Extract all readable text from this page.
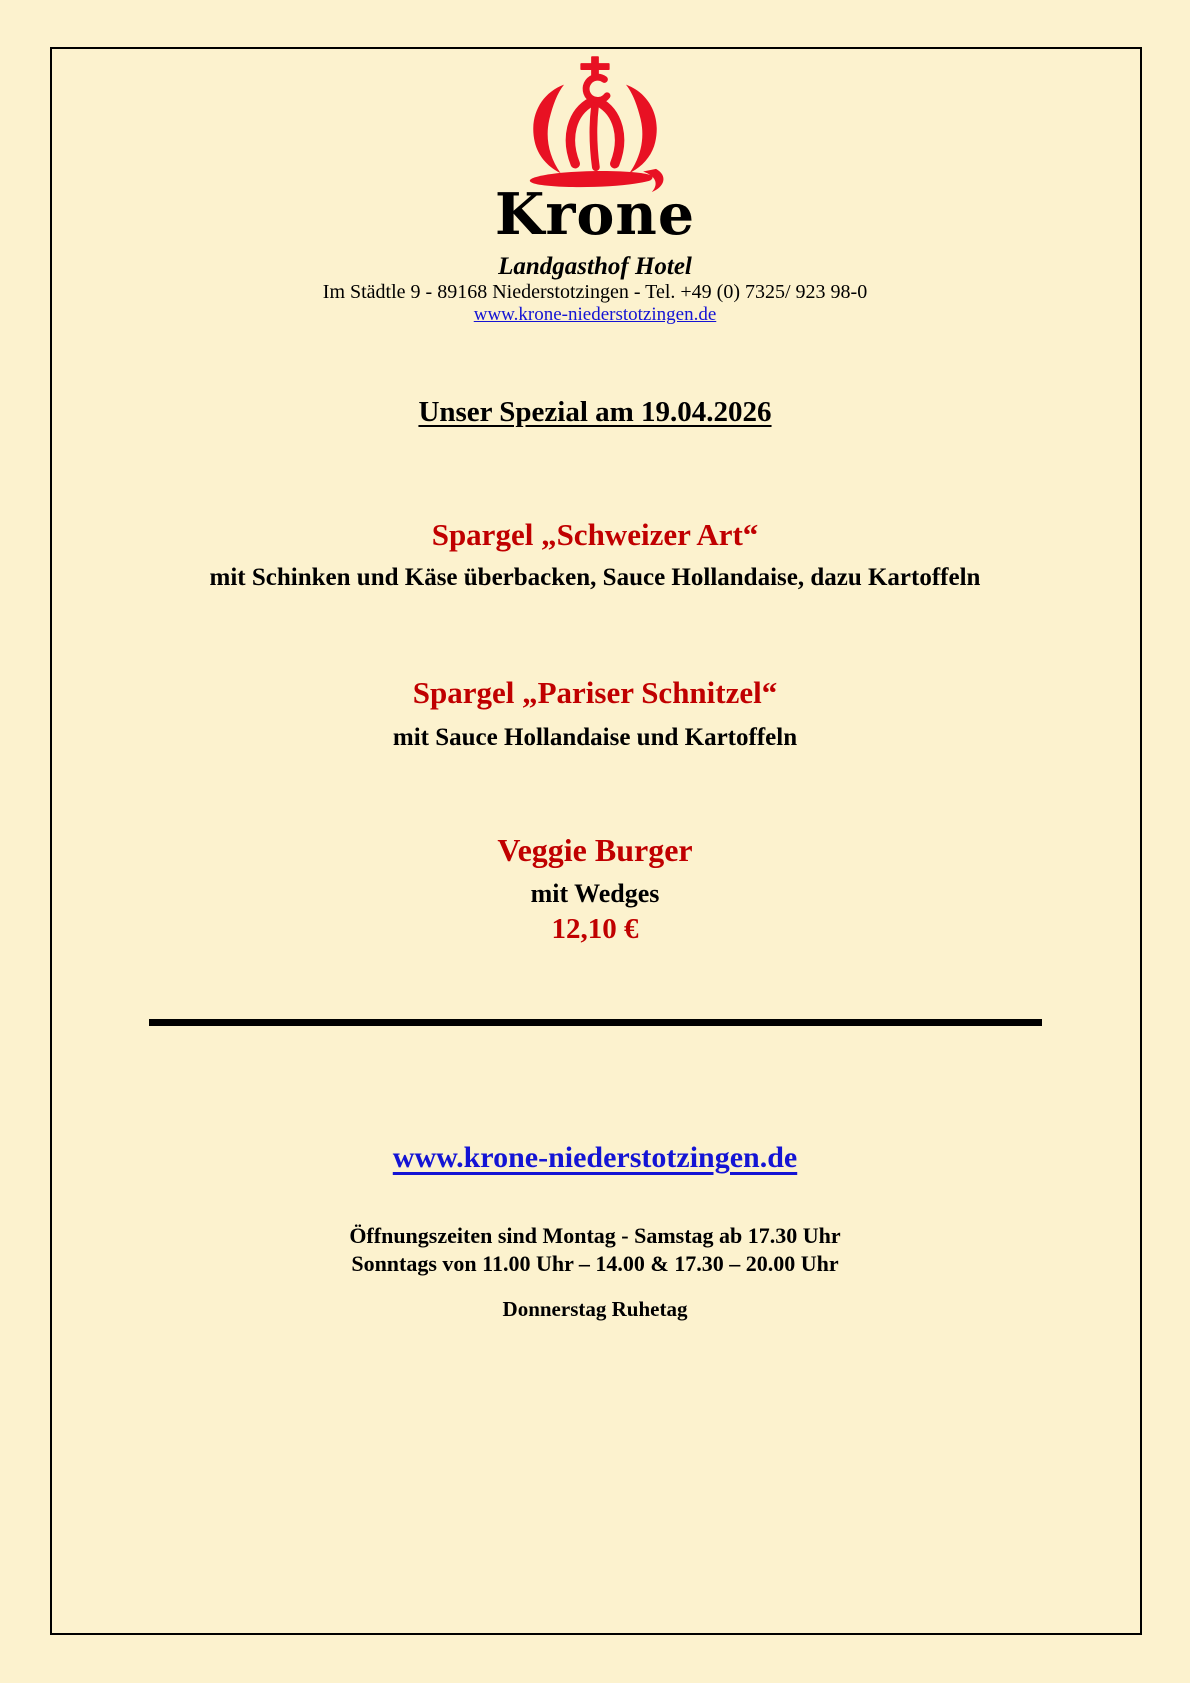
Krone
Landgasthof Hotel
Im Städtle 9 - 89168 Niederstotzingen - Tel. +49 (0) 7325/ 923 98-0
www.krone-niederstotzingen.de
Unser Spezial am 19.04.2026
Spargel „Schweizer Art“
mit Schinken und Käse überbacken, Sauce Hollandaise, dazu Kartoffeln
Spargel „Pariser Schnitzel“
mit Sauce Hollandaise und Kartoffeln
Veggie Burger
mit Wedges
12,10 €
www.krone-niederstotzingen.de
Öffnungszeiten sind Montag - Samstag ab 17.30 Uhr
Sonntags von 11.00 Uhr – 14.00 & 17.30 – 20.00 Uhr
Donnerstag Ruhetag
